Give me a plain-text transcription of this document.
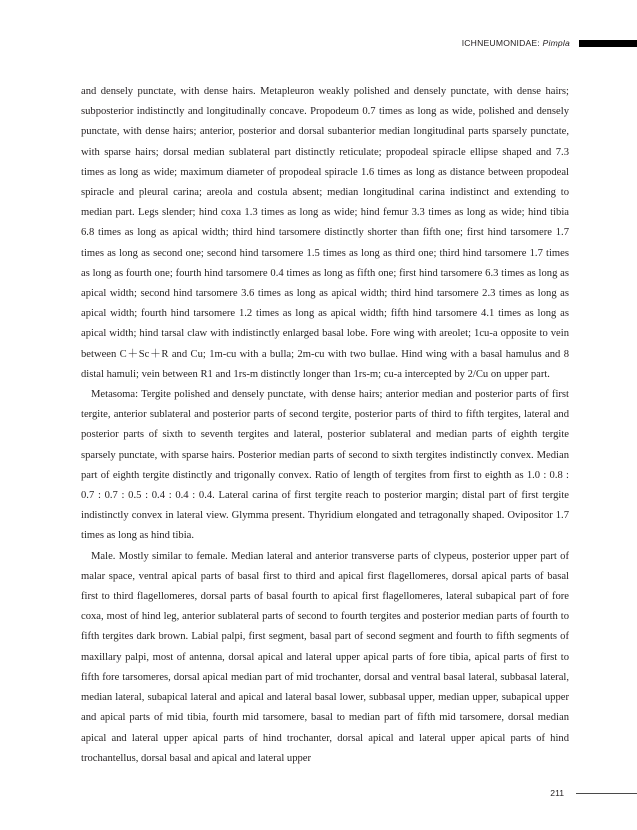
ICHNEUMONIDAE: Pimpla

and densely punctate, with dense hairs. Metapleuron weakly polished and densely punctate, with dense hairs; subposterior indistinctly and longitudinally concave. Propodeum 0.7 times as long as wide, polished and densely punctate, with dense hairs; anterior, posterior and dorsal subanterior median longitudinal parts sparsely punctate, with sparse hairs; dorsal median sublateral part distinctly reticulate; propodeal spiracle ellipse shaped and 7.3 times as long as wide; maximum diameter of propodeal spiracle 1.6 times as long as distance between propodeal spiracle and pleural carina; areola and costula absent; median longitudinal carina indistinct and extending to median part. Legs slender; hind coxa 1.3 times as long as wide; hind femur 3.3 times as long as wide; hind tibia 6.8 times as long as apical width; third hind tarsomere distinctly shorter than fifth one; first hind tarsomere 1.7 times as long as second one; second hind tarsomere 1.5 times as long as third one; third hind tarsomere 1.7 times as long as fourth one; fourth hind tarsomere 0.4 times as long as fifth one; first hind tarsomere 6.3 times as long as apical width; second hind tarsomere 3.6 times as long as apical width; third hind tarsomere 2.3 times as long as apical width; fourth hind tarsomere 1.2 times as long as apical width; fifth hind tarsomere 4.1 times as long as apical width; hind tarsal claw with indistinctly enlarged basal lobe. Fore wing with areolet; 1cu-a opposite to vein between C＋Sc＋R and Cu; 1m-cu with a bulla; 2m-cu with two bullae. Hind wing with a basal hamulus and 8 distal hamuli; vein between R1 and 1rs-m distinctly longer than 1rs-m; cu-a intercepted by 2/Cu on upper part.

Metasoma: Tergite polished and densely punctate, with dense hairs; anterior median and posterior parts of first tergite, anterior sublateral and posterior parts of second tergite, posterior parts of third to fifth tergites, lateral and posterior parts of sixth to seventh tergites and lateral, posterior sublateral and median parts of eighth tergite sparsely punctate, with sparse hairs. Posterior median parts of second to sixth tergites indistinctly convex. Median part of eighth tergite distinctly and trigonally convex. Ratio of length of tergites from first to eighth as 1.0 : 0.8 : 0.7 : 0.7 : 0.5 : 0.4 : 0.4 : 0.4. Lateral carina of first tergite reach to posterior margin; distal part of first tergite indistinctly convex in lateral view. Glymma present. Thyridium elongated and tetragonally shaped. Ovipositor 1.7 times as long as hind tibia.

Male. Mostly similar to female. Median lateral and anterior transverse parts of clypeus, posterior upper part of malar space, ventral apical parts of basal first to third and apical first flagellomeres, dorsal apical parts of basal first to third flagellomeres, dorsal parts of basal fourth to apical first flagellomeres, lateral subapical part of fore coxa, most of hind leg, anterior sublateral parts of second to fourth tergites and posterior median parts of fourth to fifth tergites dark brown. Labial palpi, first segment, basal part of second segment and fourth to fifth segments of maxillary palpi, most of antenna, dorsal apical and lateral upper apical parts of fore tibia, apical parts of first to fifth fore tarsomeres, dorsal apical median part of mid trochanter, dorsal and ventral basal lateral, subbasal lateral, median lateral, subapical lateral and apical and lateral basal lower, subbasal upper, median upper, subapical upper and apical parts of mid tibia, fourth mid tarsomere, basal to median part of fifth mid tarsomere, dorsal median apical and lateral upper apical parts of hind trochanter, dorsal apical and lateral upper apical parts of hind trochantellus, dorsal basal and apical and lateral upper

211
